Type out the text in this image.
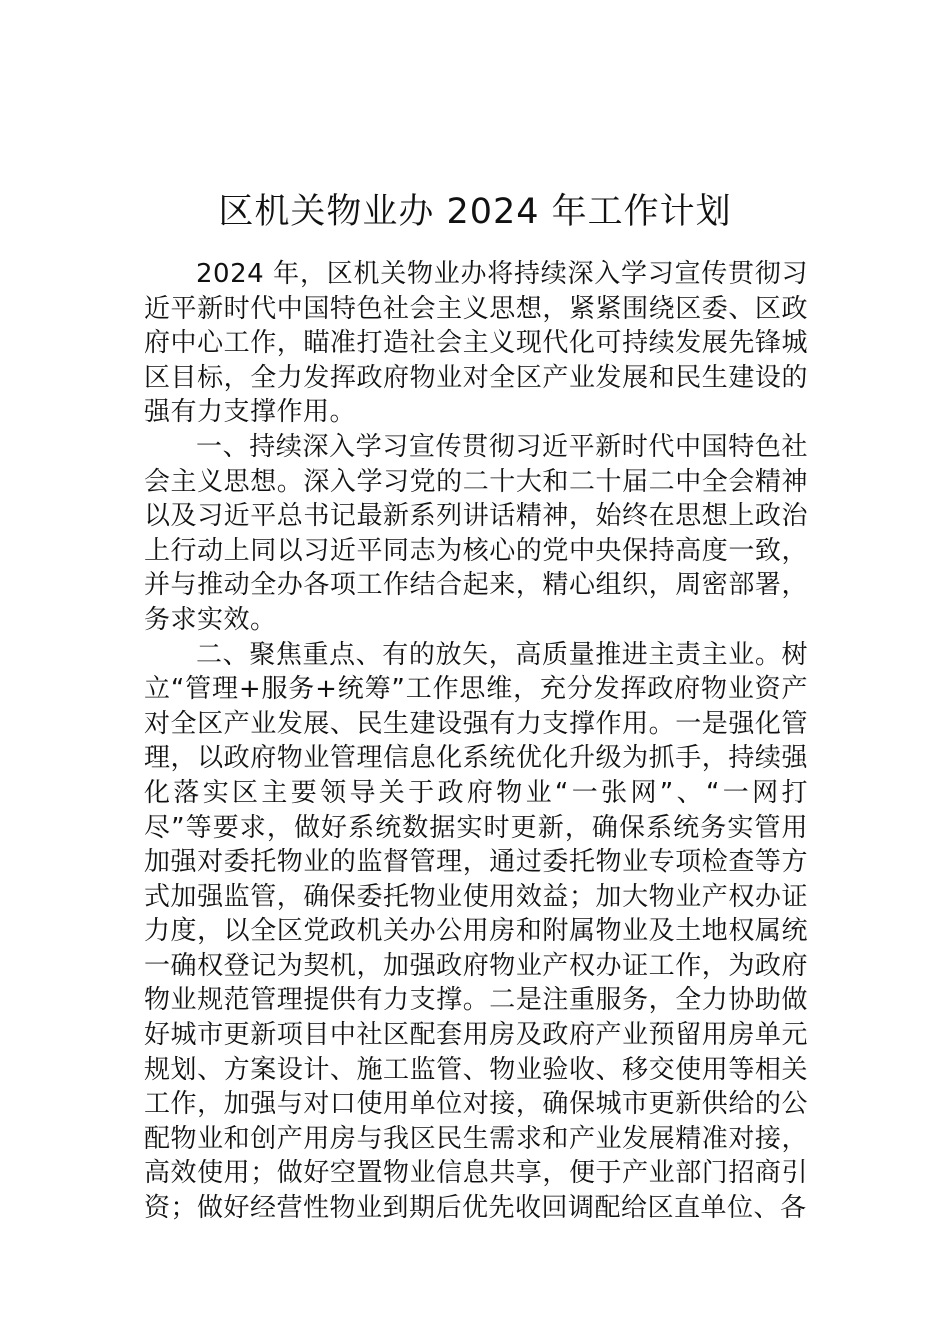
区机关物业办 2024 年工作计划

2024 年，区机关物业办将持续深入学习宣传贯彻习近平新时代中国特色社会主义思想，紧紧围绕区委、区政府中心工作，瞄准打造社会主义现代化可持续发展先锋城区目标，全力发挥政府物业对全区产业发展和民生建设的强有力支撑作用。

一、持续深入学习宣传贯彻习近平新时代中国特色社会主义思想。深入学习党的二十大和二十届二中全会精神以及习近平总书记最新系列讲话精神，始终在思想上政治上行动上同以习近平同志为核心的党中央保持高度一致，并与推动全办各项工作结合起来，精心组织，周密部署，务求实效。

二、聚焦重点、有的放矢，高质量推进主责主业。树立“管理+服务+统筹”工作思维，充分发挥政府物业资产对全区产业发展、民生建设强有力支撑作用。一是强化管理，以政府物业管理信息化系统优化升级为抓手，持续强化落实区主要领导关于政府物业“一张网”、“一网打尽”等要求，做好系统数据实时更新，确保系统务实管用加强对委托物业的监督管理，通过委托物业专项检查等方式加强监管，确保委托物业使用效益；加大物业产权办证力度，以全区党政机关办公用房和附属物业及土地权属统一确权登记为契机，加强政府物业产权办证工作，为政府物业规范管理提供有力支撑。二是注重服务，全力协助做好城市更新项目中社区配套用房及政府产业预留用房单元规划、方案设计、施工监管、物业验收、移交使用等相关工作，加强与对口使用单位对接，确保城市更新供给的公配物业和创产用房与我区民生需求和产业发展精准对接，高效使用；做好空置物业信息共享，便于产业部门招商引资；做好经营性物业到期后优先收回调配给区直单位、各
